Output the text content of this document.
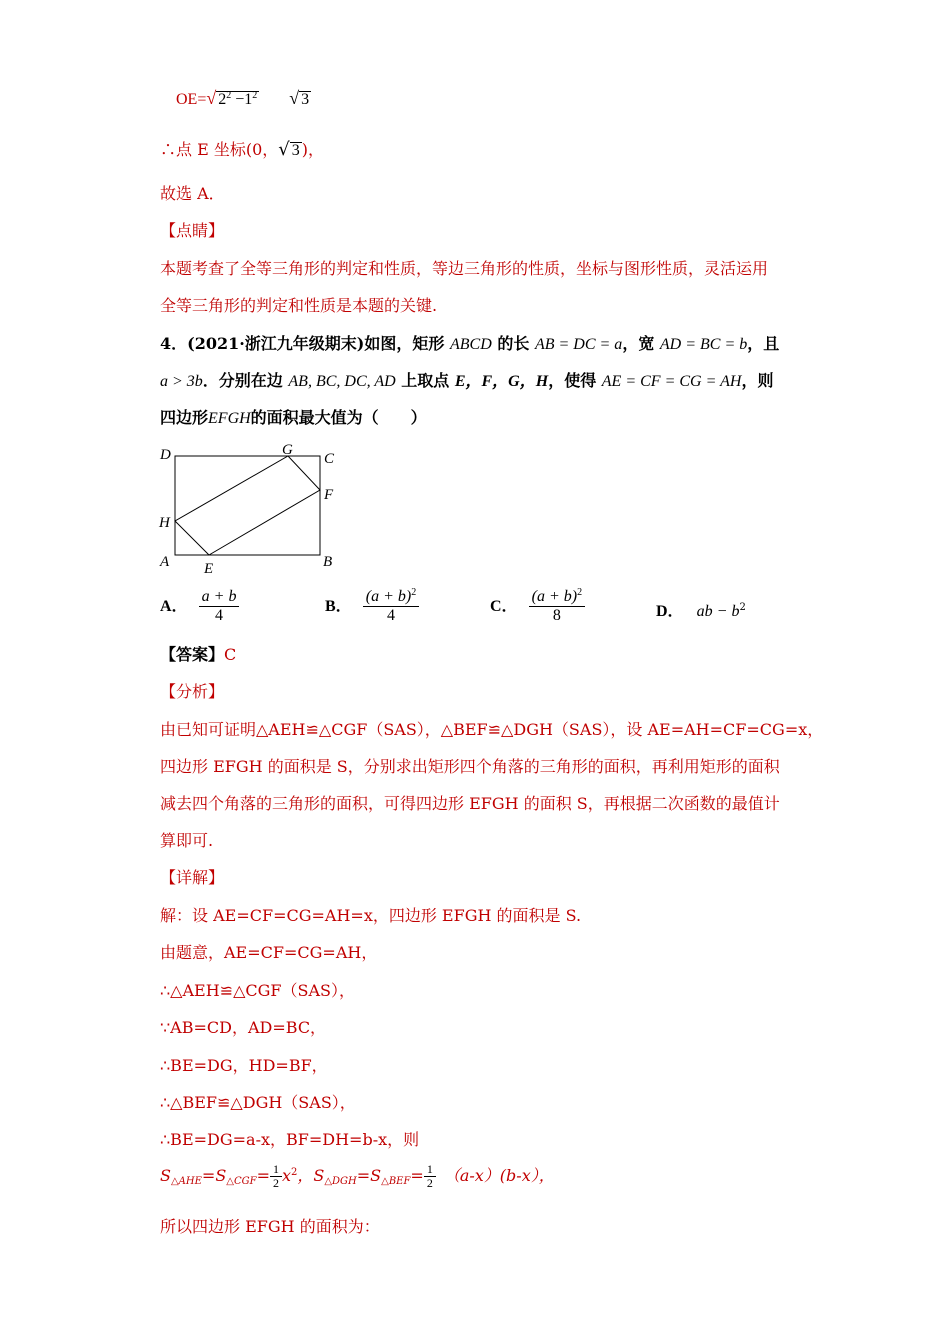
OE=√ $2^2 -1^2$ √ 3
∴点 E 坐标(0，√ 3 )，
故选 A．
【点睛】
本题考查了全等三角形的判定和性质，等边三角形的性质，坐标与图形性质，灵活运用
全等三角形的判定和性质是本题的关键.
4．(2021·浙江九年级期末)如图，矩形 ABCD 的长 AB = DC = a，宽 AD = BC = b，且
a > 3b．分别在边 AB, BC, DC, AD 上取点 E，F，G，H，使得 AE = CF = CG = AH，则
四边形EFGH的面积最大值为（　　）
D	G
C
F
H
A E	B
A． $\frac{a + b}{4}$	B． $\frac{(a + b)^2}{4}$	C． $\frac{(a + b)^2}{8}$	D． ab − $b^2$
【答案】C
【分析】
由已知可证明△AEH≌△CGF（SAS），△BEF≌△DGH（SAS），设 AE=AH=CF=CG=x，
四边形 EFGH 的面积是 S，分别求出矩形四个角落的三角形的面积，再利用矩形的面积
减去四个角落的三角形的面积，可得四边形 EFGH 的面积 S，再根据二次函数的最值计
算即可.
【详解】
解：设 AE=CF=CG=AH=x，四边形 EFGH 的面积是 S.
由题意，AE=CF=CG=AH，
∴△AEH≌△CGF（SAS），
∵AB=CD，AD=BC，
∴BE=DG，HD=BF，
∴△BEF≌△DGH（SAS），
∴BE=DG=a-x，BF=DH=b-x，则
$S_{\triangle AHE}=S_{\triangle CGF}= \frac{1}{2} x^2$，$S_{\triangle DGH}=S_{\triangle BEF}= \frac{1}{2} (a-x)(b-x)$，
所以四边形 EFGH 的面积为：
